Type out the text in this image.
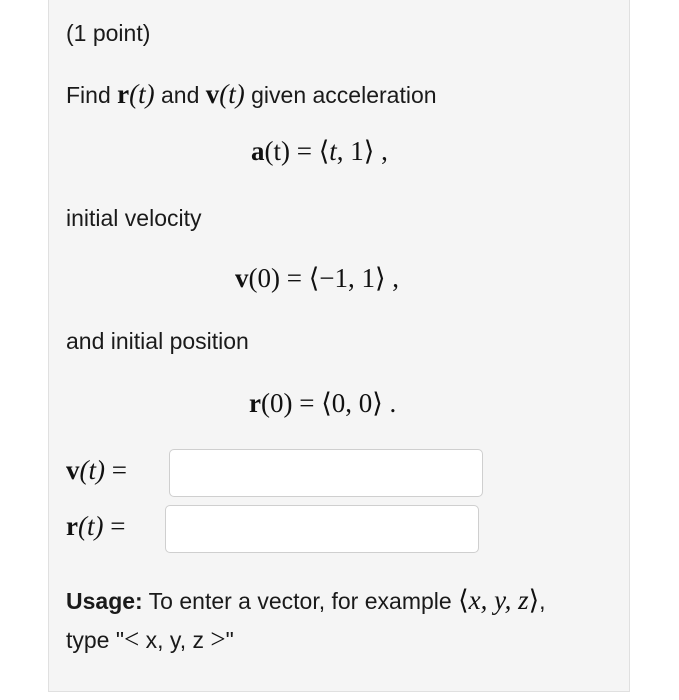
(1 point)
Find r(t) and v(t) given acceleration
a(t) = ⟨t, 1⟩ ,
initial velocity
v(0) = ⟨−1, 1⟩ ,
and initial position
r(0) = ⟨0, 0⟩ .
v(t) =
r(t) =
Usage: To enter a vector, for example ⟨x, y, z⟩,
type "< x, y, z >"
